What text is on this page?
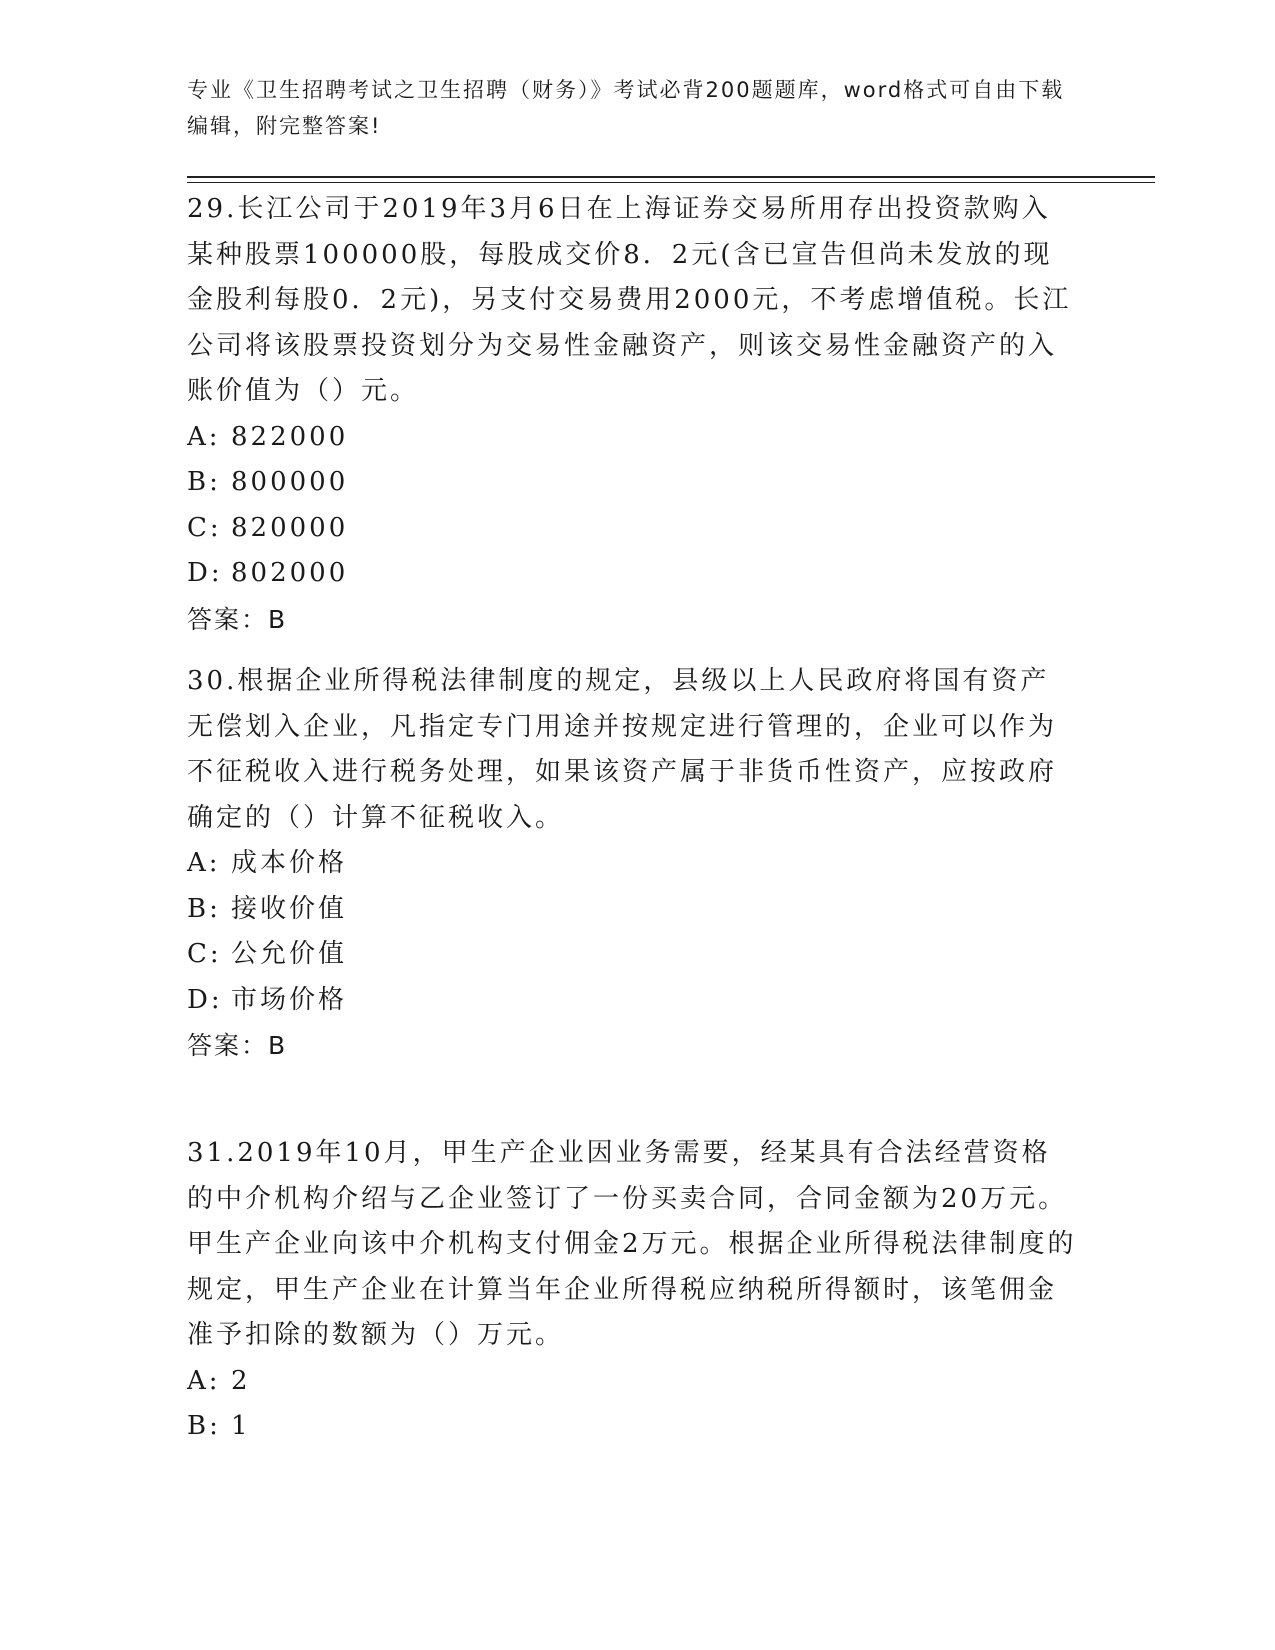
专业《卫生招聘考试之卫生招聘（财务）》考试必背200题题库，word格式可自由下载编辑，附完整答案!

29.长江公司于2019年3月6日在上海证券交易所用存出投资款购入某种股票100000股，每股成交价8．2元(含已宣告但尚未发放的现金股利每股0．2元)，另支付交易费用2000元，不考虑增值税。长江公司将该股票投资划分为交易性金融资产，则该交易性金融资产的入账价值为（）元。

A: 822000
B: 800000
C: 820000
D: 802000
答案：B

30.根据企业所得税法律制度的规定，县级以上人民政府将国有资产无偿划入企业，凡指定专门用途并按规定进行管理的，企业可以作为不征税收入进行税务处理，如果该资产属于非货币性资产，应按政府确定的（）计算不征税收入。

A: 成本价格
B: 接收价值
C: 公允价值
D: 市场价格
答案：B

31.2019年10月，甲生产企业因业务需要，经某具有合法经营资格的中介机构介绍与乙企业签订了一份买卖合同，合同金额为20万元。甲生产企业向该中介机构支付佣金2万元。根据企业所得税法律制度的规定，甲生产企业在计算当年企业所得税应纳税所得额时，该笔佣金准予扣除的数额为（）万元。

A: 2
B: 1
